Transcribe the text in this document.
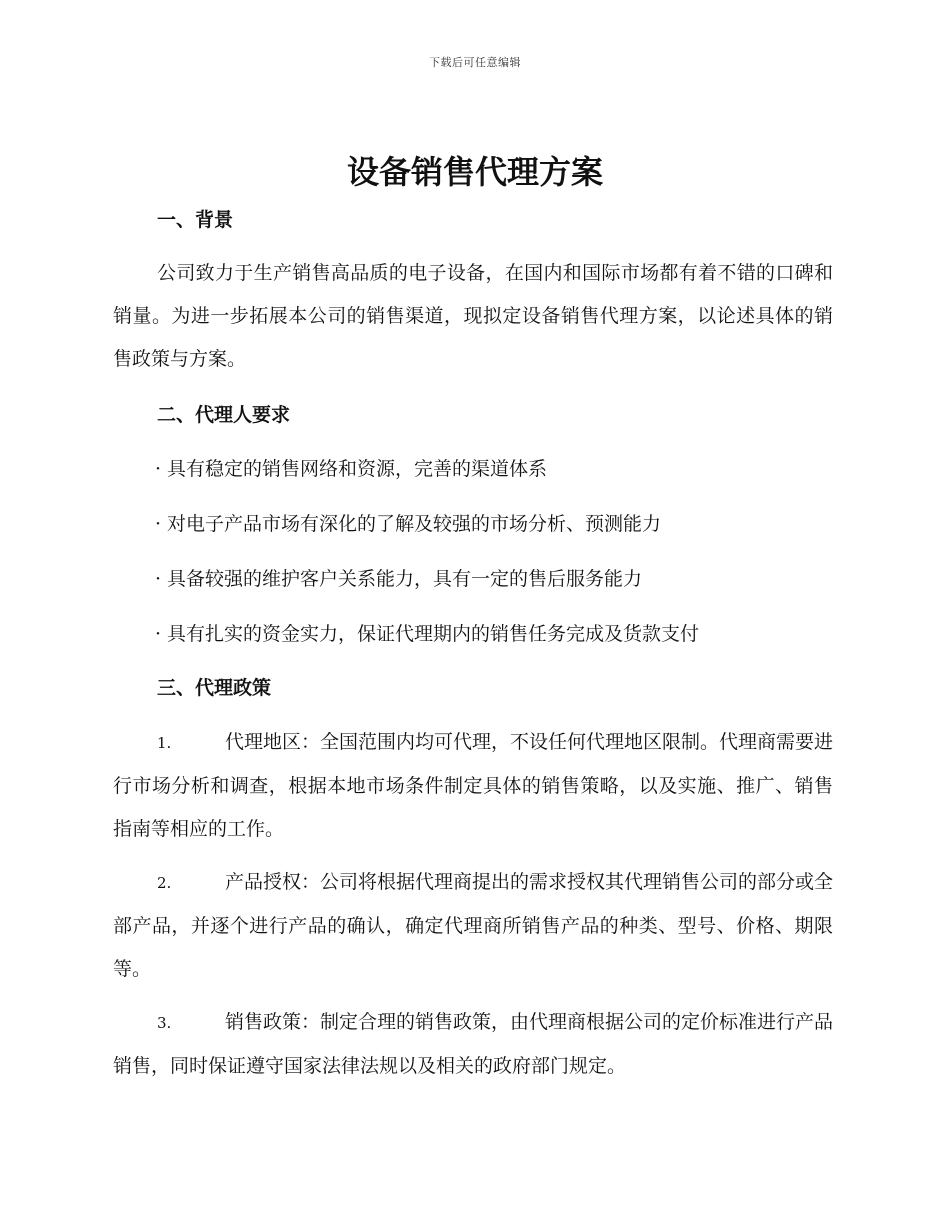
下载后可任意编辑
设备销售代理方案
一、背景

公司致力于生产销售高品质的电子设备，在国内和国际市场都有着不错的口碑和销量。为进一步拓展本公司的销售渠道，现拟定设备销售代理方案，以论述具体的销售政策与方案。

二、代理人要求

· 具有稳定的销售网络和资源，完善的渠道体系

· 对电子产品市场有深化的了解及较强的市场分析、预测能力

· 具备较强的维护客户关系能力，具有一定的售后服务能力

· 具有扎实的资金实力，保证代理期内的销售任务完成及货款支付

三、代理政策

1.	代理地区：全国范围内均可代理，不设任何代理地区限制。代理商需要进行市场分析和调查，根据本地市场条件制定具体的销售策略，以及实施、推广、销售指南等相应的工作。

2.	产品授权：公司将根据代理商提出的需求授权其代理销售公司的部分或全部产品，并逐个进行产品的确认，确定代理商所销售产品的种类、型号、价格、期限等。

3.	销售政策：制定合理的销售政策，由代理商根据公司的定价标准进行产品销售，同时保证遵守国家法律法规以及相关的政府部门规定。
